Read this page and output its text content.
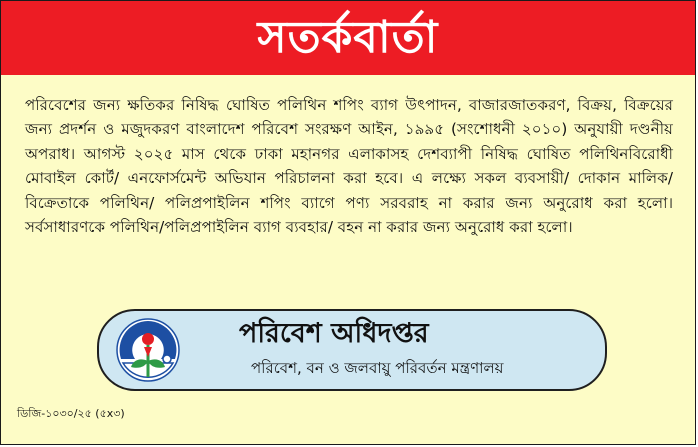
সতর্কবার্তা

পরিবেশের জন্য ক্ষতিকর নিষিদ্ধ ঘোষিত পলিথিন শপিং ব্যাগ উৎপাদন, বাজারজাতকরণ, বিক্রয়, বিক্রয়ের জন্য প্রদর্শন ও মজুদকরণ বাংলাদেশ পরিবেশ সংরক্ষণ আইন, ১৯৯৫ (সংশোধনী ২০১০) অনুযায়ী দণ্ডনীয় অপরাধ। আগস্ট ২০২৫ মাস থেকে ঢাকা মহানগর এলাকাসহ দেশব্যাপী নিষিদ্ধ ঘোষিত পলিথিনবিরোধী মোবাইল কোর্ট/ এনফোর্সমেন্ট অভিযান পরিচালনা করা হবে। এ লক্ষ্যে সকল ব্যবসায়ী/ দোকান মালিক/ বিক্রেতাকে পলিথিন/ পলিপ্রপাইলিন শপিং ব্যাগে পণ্য সরবরাহ না করার জন্য অনুরোধ করা হলো। সর্বসাধারণকে পলিথিন/পলিপ্রপাইলিন ব্যাগ ব্যবহার/ বহন না করার জন্য অনুরোধ করা হলো।

পরিবেশ অধিদপ্তর
পরিবেশ, বন ও জলবায়ু পরিবর্তন মন্ত্রণালয়
ডিজি-১০৩০/২৫ (৫x৩)
